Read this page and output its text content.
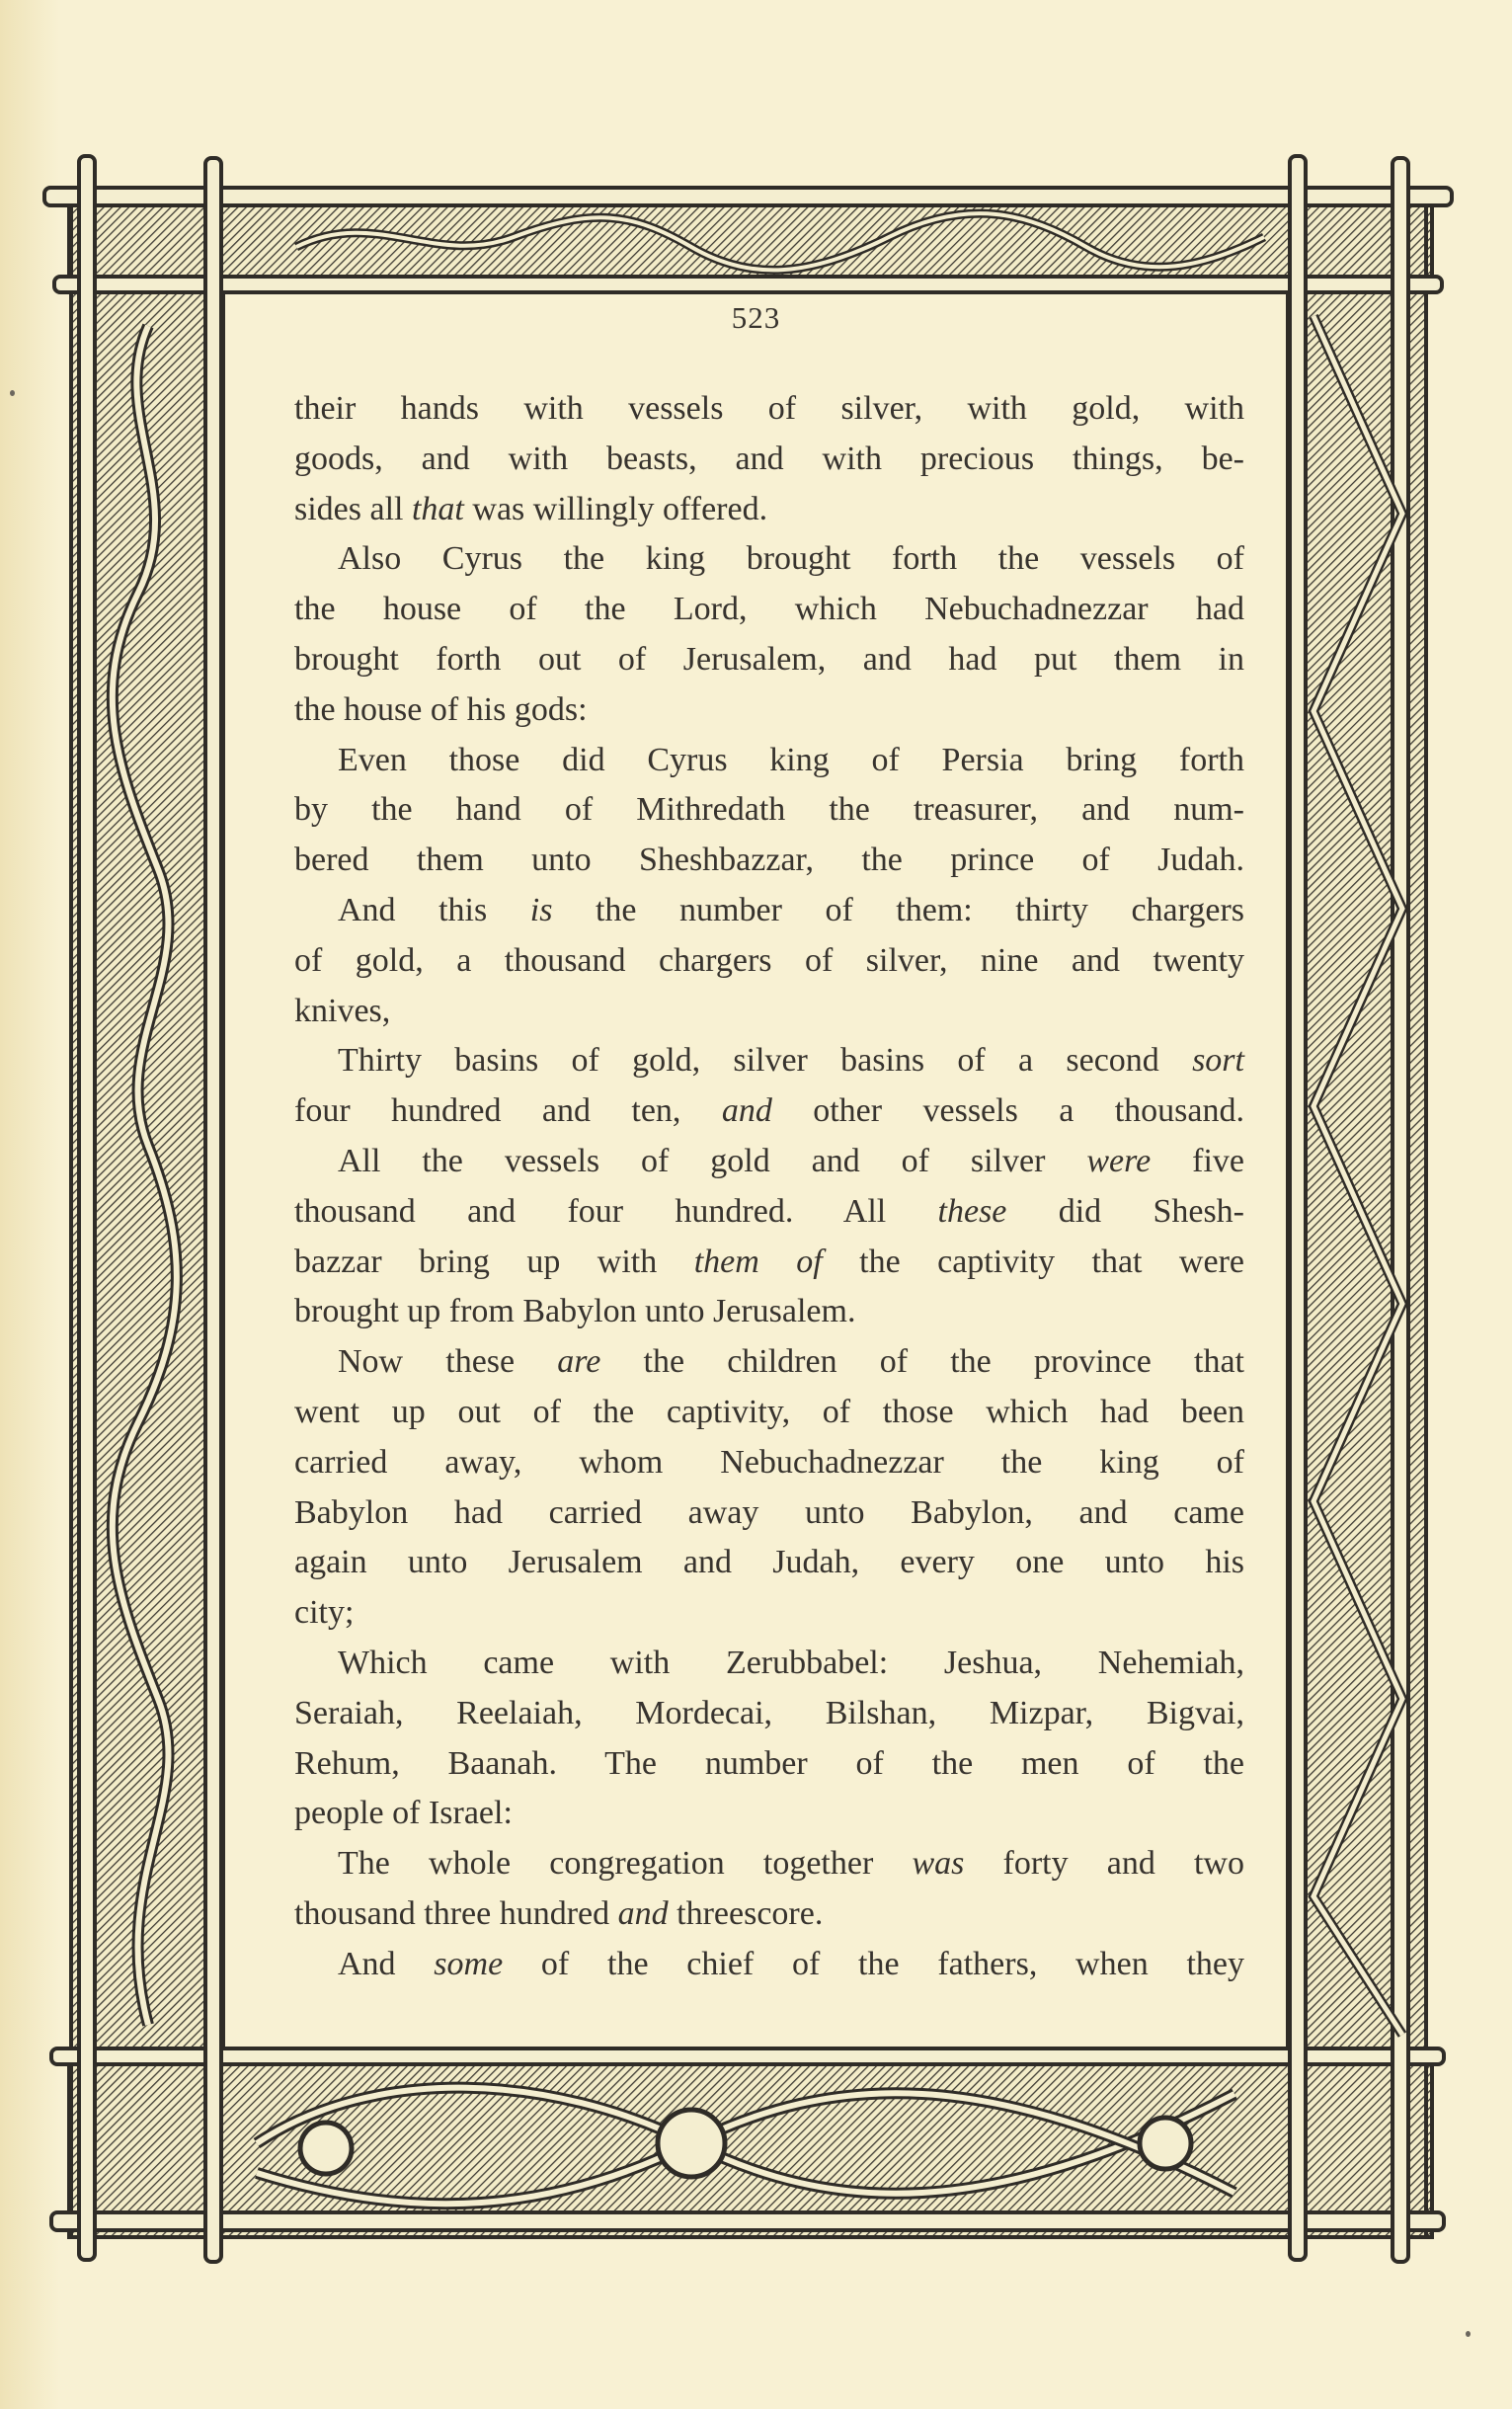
523
their hands with vessels of silver, with gold, with
goods, and with beasts, and with precious things, be-
sides all that was willingly offered.
Also Cyrus the king brought forth the vessels of
the house of the Lord, which Nebuchadnezzar had
brought forth out of Jerusalem, and had put them in
the house of his gods:
Even those did Cyrus king of Persia bring forth
by the hand of Mithredath the treasurer, and num-
bered them unto Sheshbazzar, the prince of Judah.
And this is the number of them: thirty chargers
of gold, a thousand chargers of silver, nine and twenty
knives,
Thirty basins of gold, silver basins of a second sort
four hundred and ten, and other vessels a thousand.
All the vessels of gold and of silver were five
thousand and four hundred. All these did Shesh-
bazzar bring up with them of the captivity that were
brought up from Babylon unto Jerusalem.
Now these are the children of the province that
went up out of the captivity, of those which had been
carried away, whom Nebuchadnezzar the king of
Babylon had carried away unto Babylon, and came
again unto Jerusalem and Judah, every one unto his
city;
Which came with Zerubbabel: Jeshua, Nehemiah,
Seraiah, Reelaiah, Mordecai, Bilshan, Mizpar, Bigvai,
Rehum, Baanah. The number of the men of the
people of Israel:
The whole congregation together was forty and two
thousand three hundred and threescore.
And some of the chief of the fathers, when they
